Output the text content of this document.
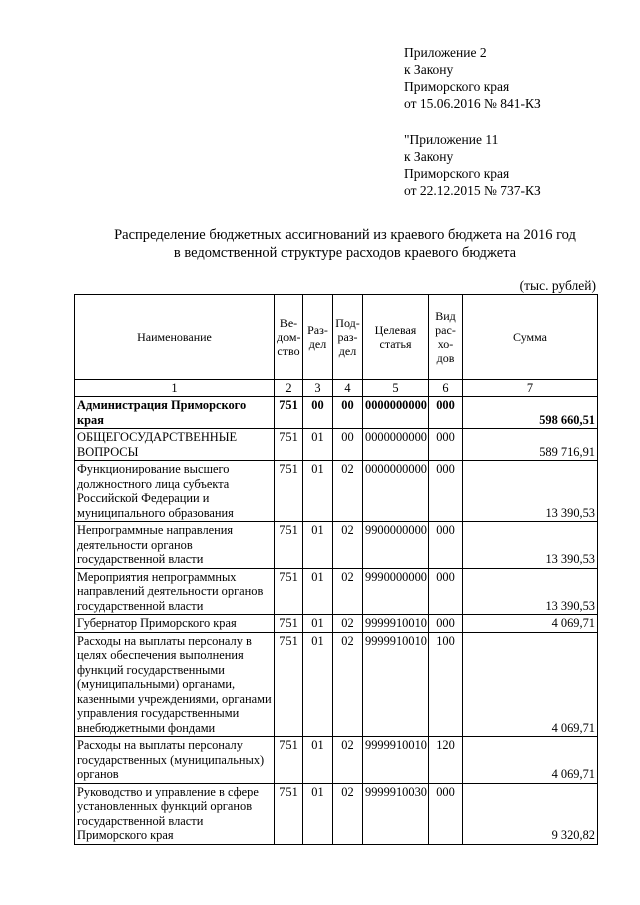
Приложение 2
к Закону
Приморского края
от 15.06.2016 № 841-КЗ
"Приложение 11
к Закону
Приморского края
от 22.12.2015 № 737-КЗ
Распределение бюджетных ассигнований из краевого бюджета на 2016 год
в ведомственной структуре расходов краевого бюджета
(тыс. рублей)
Наименование	Ве-дом-ство	Раз-дел	Под-раз-дел	Целевая статья	Вид рас-хо-дов	Сумма
1	2	3	4	5	6	7
Администрация Приморского края	751	00	00	0000000000	000	598 660,51
ОБЩЕГОСУДАРСТВЕННЫЕ ВОПРОСЫ	751	01	00	0000000000	000	589 716,91
Функционирование высшего должностного лица субъекта Российской Федерации и муниципального образования	751	01	02	0000000000	000	13 390,53
Непрограммные направления деятельности органов государственной власти	751	01	02	9900000000	000	13 390,53
Мероприятия непрограммных направлений деятельности органов государственной власти	751	01	02	9990000000	000	13 390,53
Губернатор Приморского края	751	01	02	9999910010	000	4 069,71
Расходы на выплаты персоналу в целях обеспечения выполнения функций государственными (муниципальными) органами, казенными учреждениями, органами управления государственными внебюджетными фондами	751	01	02	9999910010	100	4 069,71
Расходы на выплаты персоналу государственных (муниципальных) органов	751	01	02	9999910010	120	4 069,71
Руководство и управление в сфере установленных функций органов государственной власти Приморского края	751	01	02	9999910030	000	9 320,82
